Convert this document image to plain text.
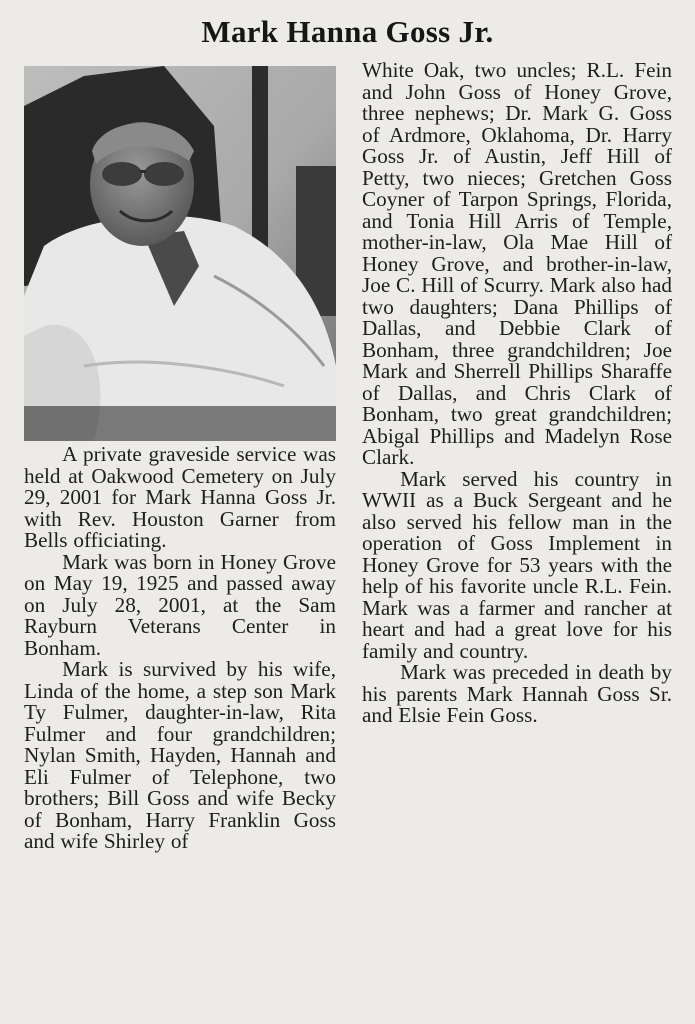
Mark Hanna Goss Jr.

A private graveside service was held at Oakwood Cemetery on July 29, 2001 for Mark Hanna Goss Jr. with Rev. Houston Garner from Bells officiating.

Mark was born in Honey Grove on May 19, 1925 and passed away on July 28, 2001, at the Sam Rayburn Veterans Center in Bonham.

Mark is survived by his wife, Linda of the home, a step son Mark Ty Fulmer, daughter-in-law, Rita Fulmer and four grandchildren; Nylan Smith, Hayden, Hannah and Eli Fulmer of Telephone, two brothers; Bill Goss and wife Becky of Bonham, Harry Franklin Goss and wife Shirley of

White Oak, two uncles; R.L. Fein and John Goss of Honey Grove, three nephews; Dr. Mark G. Goss of Ardmore, Oklahoma, Dr. Harry Goss Jr. of Austin, Jeff Hill of Petty, two nieces; Gretchen Goss Coyner of Tarpon Springs, Florida, and Tonia Hill Arris of Temple, mother-in-law, Ola Mae Hill of Honey Grove, and brother-in-law, Joe C. Hill of Scurry. Mark also had two daughters; Dana Phillips of Dallas, and Debbie Clark of Bonham, three grandchildren; Joe Mark and Sherrell Phillips Sharaffe of Dallas, and Chris Clark of Bonham, two great grandchildren; Abigal Phillips and Madelyn Rose Clark.

Mark served his country in WWII as a Buck Sergeant and he also served his fellow man in the operation of Goss Implement in Honey Grove for 53 years with the help of his favorite uncle R.L. Fein. Mark was a farmer and rancher at heart and had a great love for his family and country.

Mark was preceded in death by his parents Mark Hannah Goss Sr. and Elsie Fein Goss.
